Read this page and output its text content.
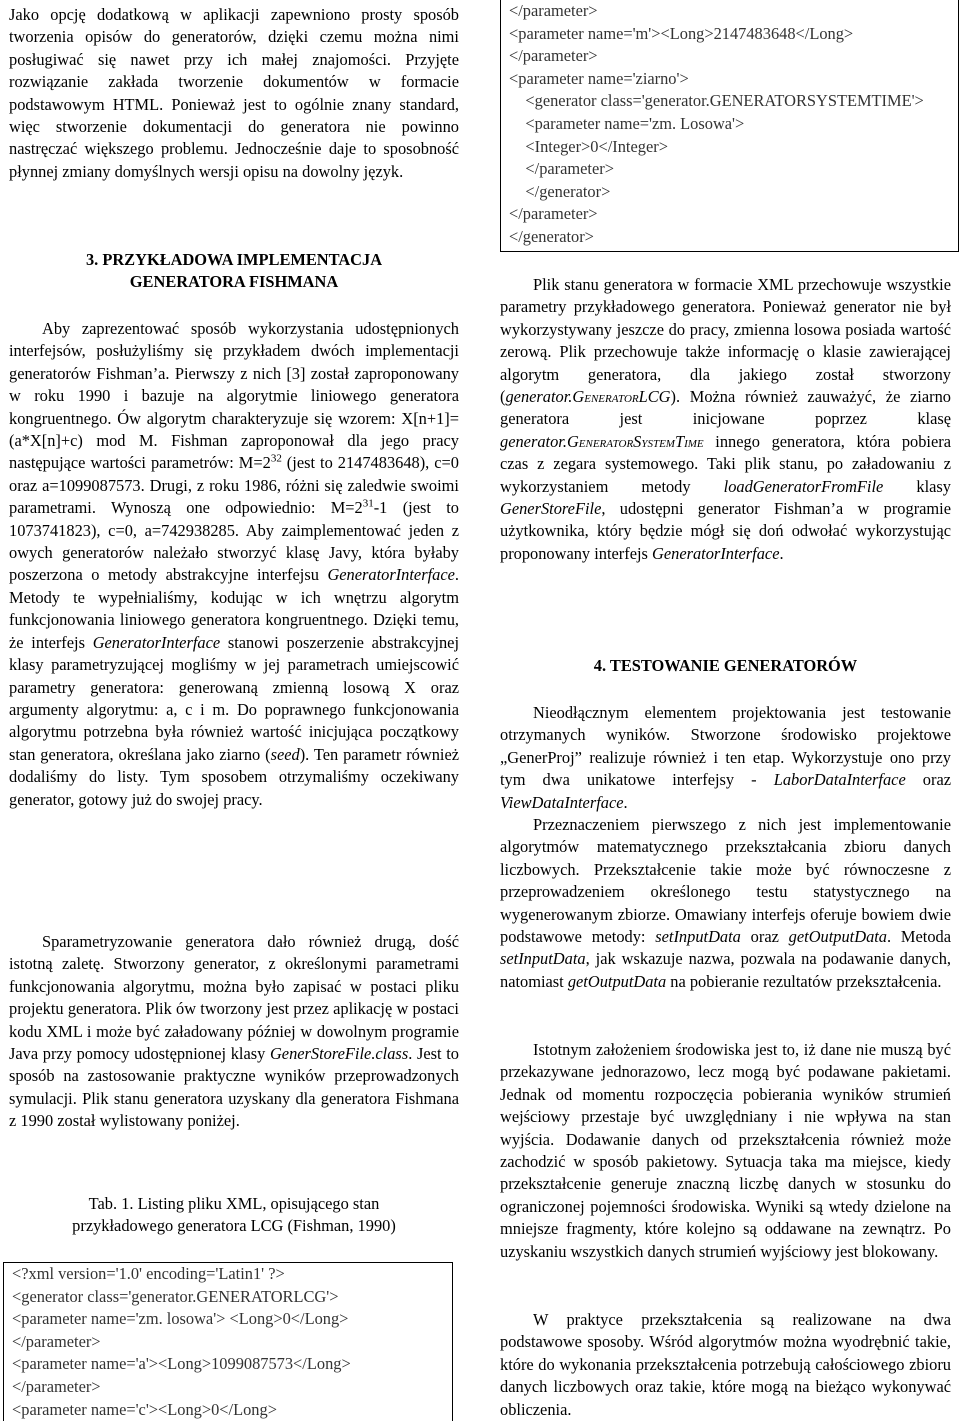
Jako opcję dodatkową w aplikacji zapewniono prosty sposób tworzenia opisów do generatorów, dzięki czemu można nimi posługiwać się nawet przy ich małej znajomości. Przyjęte rozwiązanie zakłada tworzenie dokumentów w formacie podstawowym HTML. Ponieważ jest to ogólnie znany standard, więc stworzenie dokumentacji do generatora nie powinno nastręczać większego problemu. Jednocześnie daje to sposobność płynnej zmiany domyślnych wersji opisu na dowolny język.

3. PRZYKŁADOWA IMPLEMENTACJA
GENERATORA FISHMANA

Aby zaprezentować sposób wykorzystania udostępnionych interfejsów, posłużyliśmy się przykładem dwóch implementacji generatorów Fishman’a. Pierwszy z nich [3] został zaproponowany w roku 1990 i bazuje na algorytmie liniowego generatora kongruentnego. Ów algorytm charakteryzuje się wzorem: X[n+1]=(a*X[n]+c) mod M. Fishman zaproponował dla jego pracy następujące wartości parametrów: $M=2^{32}$ (jest to 2147483648), c=0 oraz a=1099087573. Drugi, z roku 1986, różni się zaledwie swoimi parametrami. Wynoszą one odpowiednio: $M=2^{31}-1$ (jest to 1073741823), c=0, a=742938285. Aby zaimplementować jeden z owych generatorów należało stworzyć klasę Javy, która byłaby poszerzona o metody abstrakcyjne interfejsu GeneratorInterface. Metody te wypełnialiśmy, kodując w ich wnętrzu algorytm funkcjonowania liniowego generatora kongruentnego. Dzięki temu, że interfejs GeneratorInterface stanowi poszerzenie abstrakcyjnej klasy parametryzującej mogliśmy w jej parametrach umiejscowić parametry generatora: generowaną zmienną losową X oraz argumenty algorytmu: a, c i m. Do poprawnego funkcjonowania algorytmu potrzebna była również wartość inicjująca początkowy stan generatora, określana jako ziarno (seed). Ten parametr również dodaliśmy do listy. Tym sposobem otrzymaliśmy oczekiwany generator, gotowy już do swojej pracy.

Sparametryzowanie generatora dało również drugą, dość istotną zaletę. Stworzony generator, z określonymi parametrami funkcjonowania algorytmu, można było zapisać w postaci pliku projektu generatora. Plik ów tworzony jest przez aplikację w postaci kodu XML i może być załadowany później w dowolnym programie Java przy pomocy udostępnionej klasy GenerStoreFile.class. Jest to sposób na zastosowanie praktyczne wyników przeprowadzonych symulacji. Plik stanu generatora uzyskany dla generatora Fishmana z 1990 został wylistowany poniżej.

Tab. 1. Listing pliku XML, opisującego stan
przykładowego generatora LCG (Fishman, 1990)
<?xml version='1.0' encoding='Latin1' ?>
<generator class='generator.GENERATORLCG'>
<parameter name='zm. losowa'> <Long>0</Long>
</parameter>
<parameter name='a'><Long>1099087573</Long>
</parameter>
<parameter name='c'><Long>0</Long>
</parameter>
<parameter name='m'><Long>2147483648</Long>
</parameter>
<parameter name='ziarno'>
<generator class='generator.GENERATORSYSTEMTIME'>
<parameter name='zm. Losowa'>
<Integer>0</Integer>
</parameter>
</generator>
</parameter>
</generator>

Plik stanu generatora w formacie XML przechowuje wszystkie parametry przykładowego generatora. Ponieważ generator nie był wykorzystywany jeszcze do pracy, zmienna losowa posiada wartość zerową. Plik przechowuje także informację o klasie zawierającej algorytm generatora, dla jakiego został stworzony (generator.GeneratorLCG). Można również zauważyć, że ziarno generatora jest inicjowane poprzez klasę generator.GeneratorSystemTime innego generatora, która pobiera czas z zegara systemowego. Taki plik stanu, po załadowaniu z wykorzystaniem metody loadGeneratorFromFile klasy GenerStoreFile, udostępni generator Fishman’a w programie użytkownika, który będzie mógł się doń odwołać wykorzystując proponowany interfejs GeneratorInterface.

4. TESTOWANIE GENERATORÓW

Nieodłącznym elementem projektowania jest testowanie otrzymanych wyników. Stworzone środowisko projektowe „GenerProj” realizuje również i ten etap. Wykorzystuje ono przy tym dwa unikatowe interfejsy - LaborDataInterface oraz ViewDataInterface.

Przeznaczeniem pierwszego z nich jest implementowanie algorytmów matematycznego przekształcania zbioru danych liczbowych. Przekształcenie takie może być równoczesne z przeprowadzeniem określonego testu statystycznego na wygenerowanym zbiorze. Omawiany interfejs oferuje bowiem dwie podstawowe metody: setInputData oraz getOutputData. Metoda setInputData, jak wskazuje nazwa, pozwala na podawanie danych, natomiast getOutputData na pobieranie rezultatów przekształcenia.

Istotnym założeniem środowiska jest to, iż dane nie muszą być przekazywane jednorazowo, lecz mogą być podawane pakietami. Jednak od momentu rozpoczęcia pobierania wyników strumień wejściowy przestaje być uwzględniany i nie wpływa na stan wyjścia. Dodawanie danych od przekształcenia również może zachodzić w sposób pakietowy. Sytuacja taka ma miejsce, kiedy przekształcenie generuje znaczną liczbę danych w stosunku do ograniczonej pojemności środowiska. Wyniki są wtedy dzielone na mniejsze fragmenty, które kolejno są oddawane na zewnątrz. Po uzyskaniu wszystkich danych strumień wyjściowy jest blokowany.

W praktyce przekształcenia są realizowane na dwa podstawowe sposoby. Wśród algorytmów można wyodrębnić takie, które do wykonania przekształcenia potrzebują całościowego zbioru danych liczbowych oraz takie, które mogą na bieżąco wykonywać obliczenia.
